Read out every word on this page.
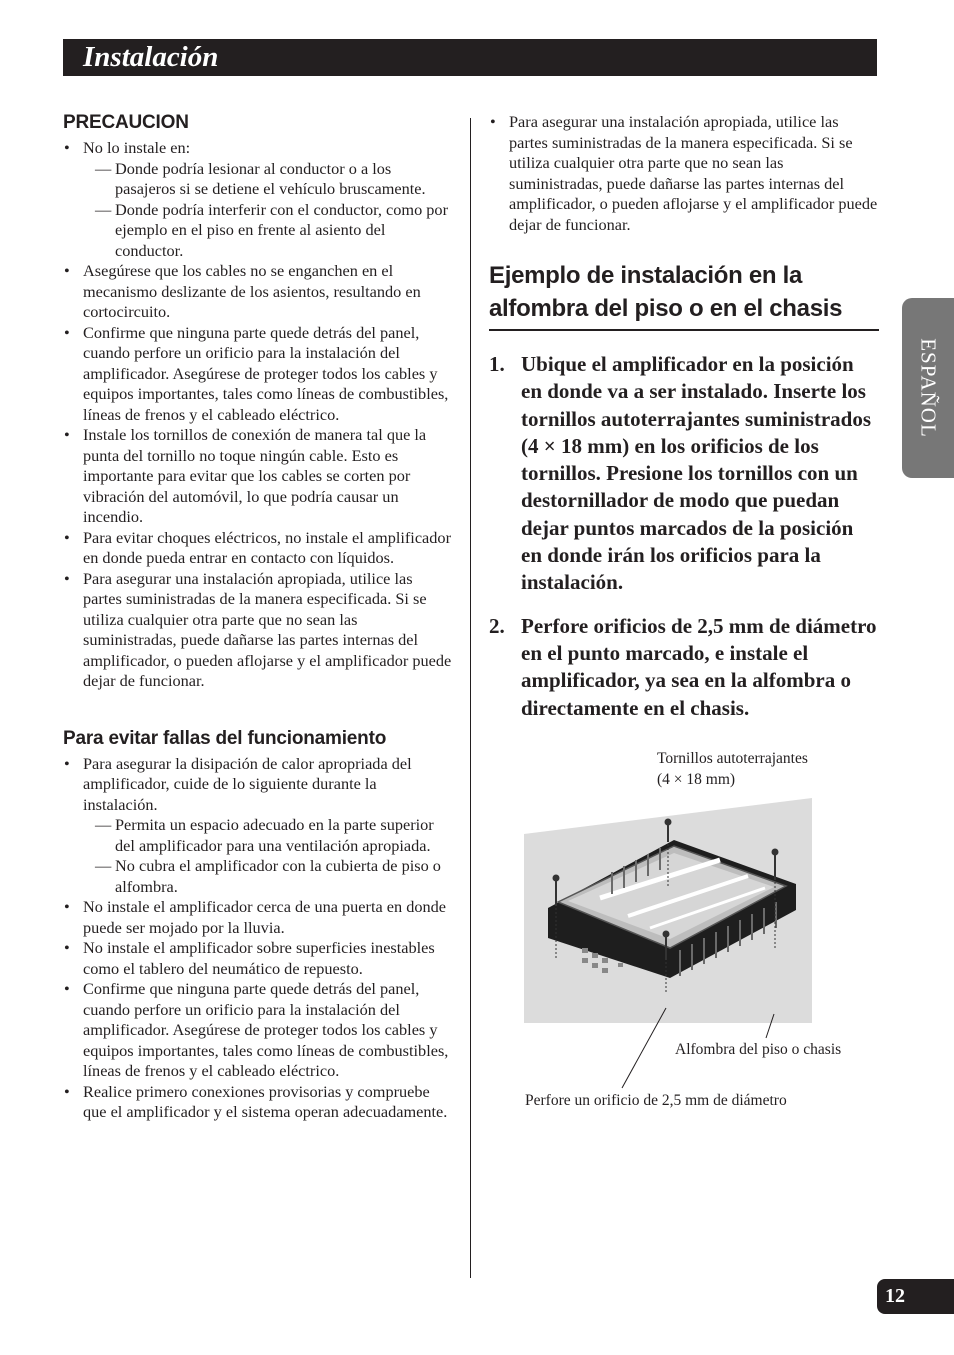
Instalación
PRECAUCION
• No lo instale en:
— Donde podría lesionar al conductor o a los pasajeros si se detiene el vehículo bruscamente.
— Donde podría interferir con el conductor, como por ejemplo en el piso en frente al asiento del conductor.
• Asegúrese que los cables no se enganchen en el mecanismo deslizante de los asientos, resultando en cortocircuito.
• Confirme que ninguna parte quede detrás del panel, cuando perfore un orificio para la instalación del amplificador. Asegúrese de proteger todos los cables y equipos importantes, tales como líneas de combustibles, líneas de frenos y el cableado eléctrico.
• Instale los tornillos de conexión de manera tal que la punta del tornillo no toque ningún cable. Esto es importante para evitar que los cables se corten por vibración del automóvil, lo que podría causar un incendio.
• Para evitar choques eléctricos, no instale el amplificador en donde pueda entrar en contacto con líquidos.
• Para asegurar una instalación apropiada, utilice las partes suministradas de la manera especificada. Si se utiliza cualquier otra parte que no sean las suministradas, puede dañarse las partes internas del amplificador, o pueden aflojarse y el amplificador puede dejar de funcionar.
Para evitar fallas del funcionamiento
• Para asegurar la disipación de calor apropriada del amplificador, cuide de lo siguiente durante la instalación.
— Permita un espacio adecuado en la parte superior del amplificador para una ventilación apropiada.
— No cubra el amplificador con la cubierta de piso o alfombra.
• No instale el amplificador cerca de una puerta en donde puede ser mojado por la lluvia.
• No instale el amplificador sobre superficies inestables como el tablero del neumático de repuesto.
• Confirme que ninguna parte quede detrás del panel, cuando perfore un orificio para la instalación del amplificador. Asegúrese de proteger todos los cables y equipos importantes, tales como líneas de combustibles, líneas de frenos y el cableado eléctrico.
• Realice primero conexiones provisorias y compruebe que el amplificador y el sistema operan adecuadamente.
• Para asegurar una instalación apropiada, utilice las partes suministradas de la manera especificada. Si se utiliza cualquier otra parte que no sean las suministradas, puede dañarse las partes internas del amplificador, o pueden aflojarse y el amplificador puede dejar de funcionar.
Ejemplo de instalación en la alfombra del piso o en el chasis
1. Ubique el amplificador en la posición en donde va a ser instalado. Inserte los tornillos autoterrajantes suministrados (4 × 18 mm) en los orificios de los tornillos. Presione los tornillos con un destornillador de modo que puedan dejar puntos marcados de la posición en donde irán los orificios para la instalación.
2. Perfore orificios de 2,5 mm de diámetro en el punto marcado, e instale el amplificador, ya sea en la alfombra o directamente en el chasis.
Tornillos autoterrajantes
(4 × 18 mm)
Alfombra del piso o chasis
Perfore un orificio de 2,5 mm de diámetro
ESPAÑOL
12
